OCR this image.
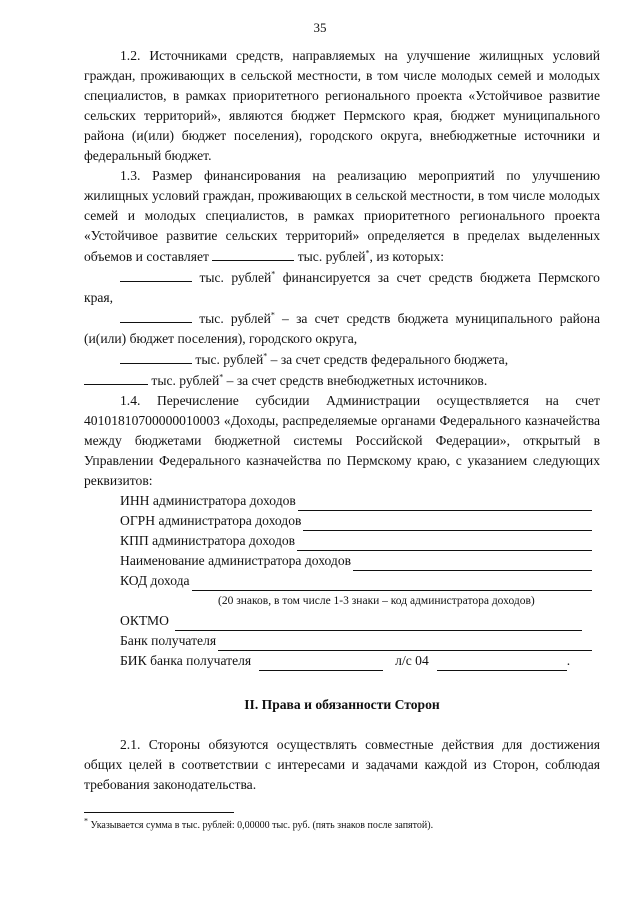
35

1.2. Источниками средств, направляемых на улучшение жилищных условий граждан, проживающих в сельской местности, в том числе молодых семей и молодых специалистов, в рамках приоритетного регионального проекта «Устойчивое развитие сельских территорий», являются бюджет Пермского края, бюджет муниципального района (и(или) бюджет поселения), городского округа, внебюджетные источники и федеральный бюджет.

1.3. Размер финансирования на реализацию мероприятий по улучшению жилищных условий граждан, проживающих в сельской местности, в том числе молодых семей и молодых специалистов, в рамках приоритетного регионального проекта «Устойчивое развитие сельских территорий» определяется в пределах выделенных объемов и составляет	тыс. рублей*, из которых:

тыс. рублей* финансируется за счет средств бюджета Пермского края,

тыс. рублей* – за счет средств бюджета муниципального района (и(или) бюджет поселения), городского округа,

тыс. рублей* – за счет средств федерального бюджета,

тыс. рублей* – за счет средств внебюджетных источников.

1.4. Перечисление субсидии Администрации осуществляется на счет 40101810700000010003 «Доходы, распределяемые органами Федерального казначейства между бюджетами бюджетной системы Российской Федерации», открытый в Управлении Федерального казначейства по Пермскому краю, с указанием следующих реквизитов:

ИНН администратора доходов
ОГРН администратора доходов
КПП администратора доходов
Наименование администратора доходов
КОД дохода
(20 знаков, в том числе 1-3 знаки – код администратора доходов)
ОКТМО
Банк получателя
БИК банка получателя	л/с 04	.
II. Права и обязанности Сторон

2.1. Стороны обязуются осуществлять совместные действия для достижения общих целей в соответствии с интересами и задачами каждой из Сторон, соблюдая требования законодательства.

* Указывается сумма в тыс. рублей: 0,00000 тыс. руб. (пять знаков после запятой).
